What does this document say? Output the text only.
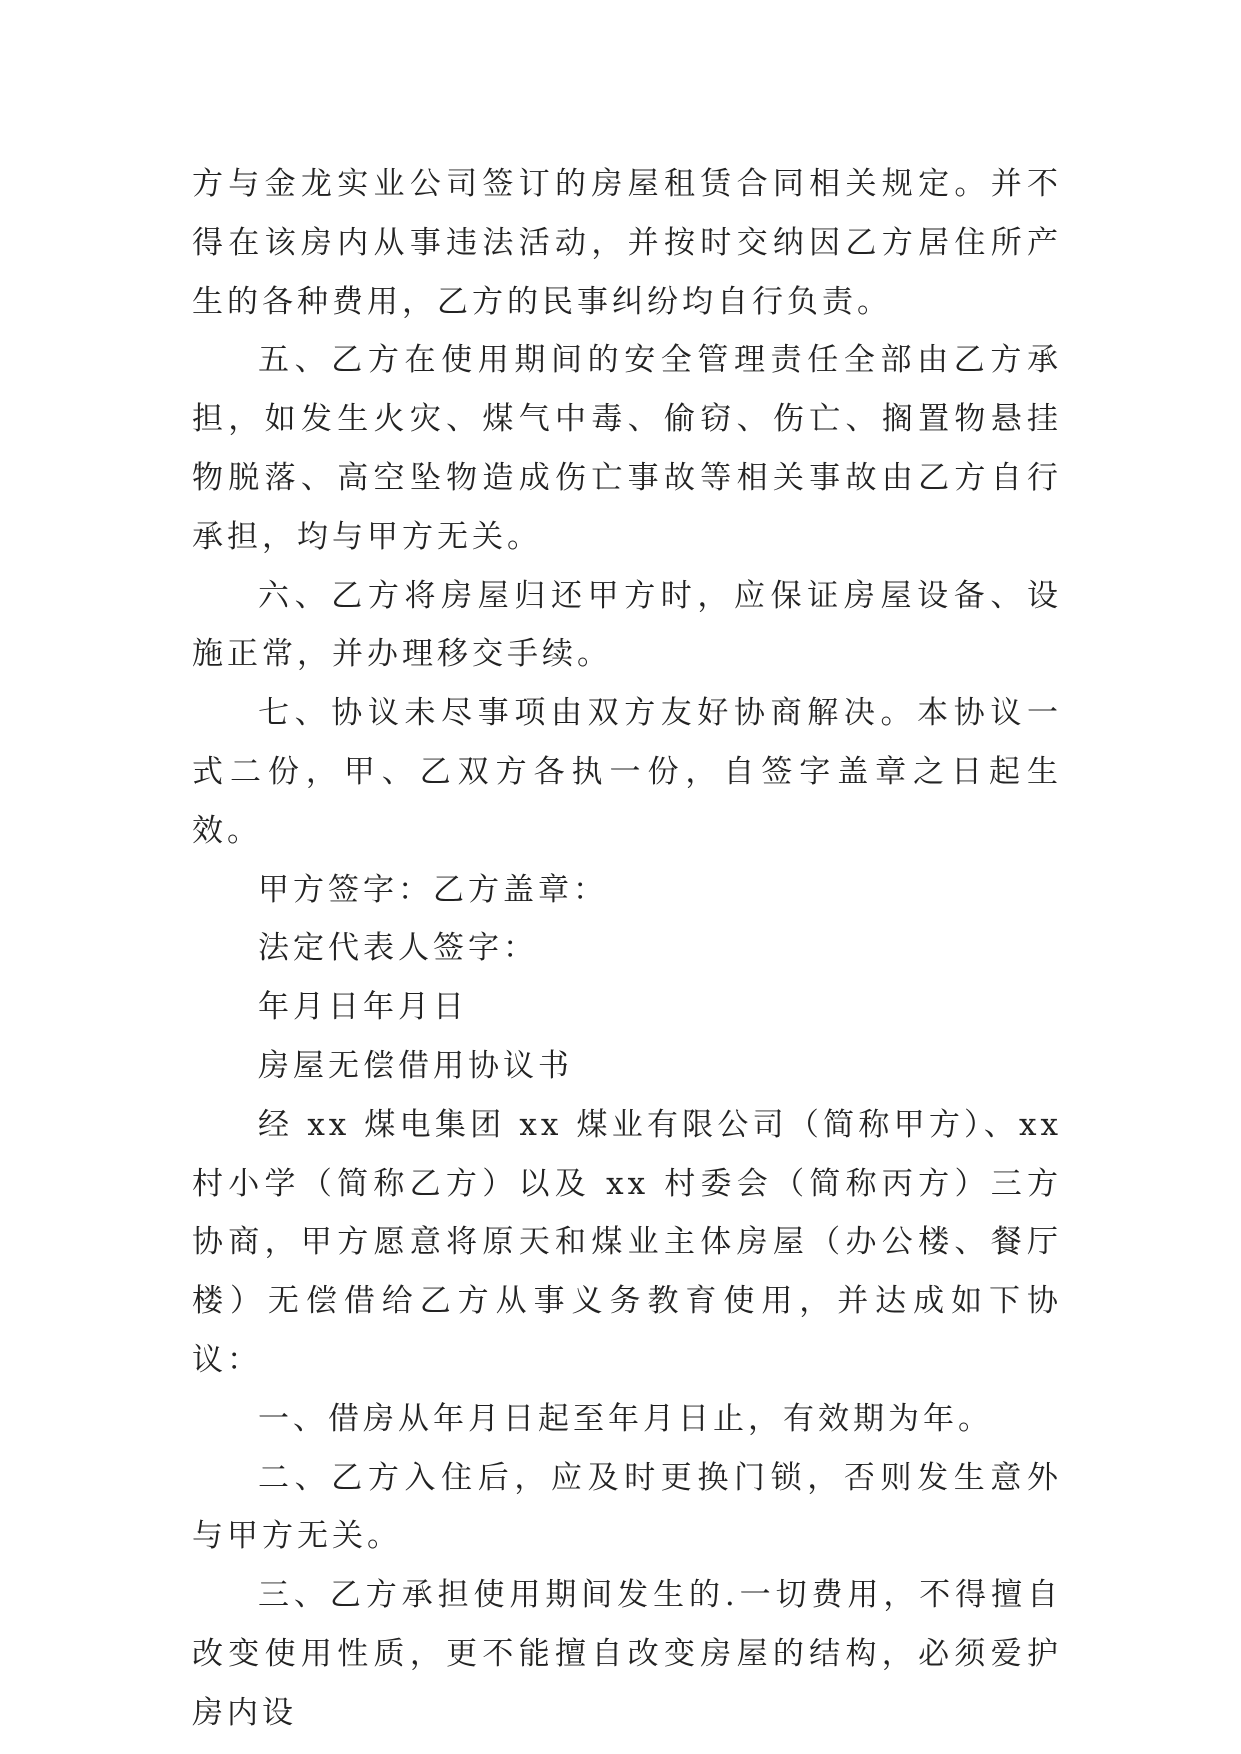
方与金龙实业公司签订的房屋租赁合同相关规定。并不得在该房内从事违法活动，并按时交纳因乙方居住所产生的各种费用，乙方的民事纠纷均自行负责。

五、乙方在使用期间的安全管理责任全部由乙方承担，如发生火灾、煤气中毒、偷窃、伤亡、搁置物悬挂物脱落、高空坠物造成伤亡事故等相关事故由乙方自行承担，均与甲方无关。

六、乙方将房屋归还甲方时，应保证房屋设备、设施正常，并办理移交手续。

七、协议未尽事项由双方友好协商解决。本协议一式二份，甲、乙双方各执一份，自签字盖章之日起生效。

甲方签字：乙方盖章：

法定代表人签字：

年月日年月日

房屋无偿借用协议书

经 xx 煤电集团 xx 煤业有限公司（简称甲方）、xx 村小学（简称乙方）以及 xx 村委会（简称丙方）三方协商，甲方愿意将原天和煤业主体房屋（办公楼、餐厅楼）无偿借给乙方从事义务教育使用，并达成如下协议：

一、借房从年月日起至年月日止，有效期为年。

二、乙方入住后，应及时更换门锁，否则发生意外与甲方无关。

三、乙方承担使用期间发生的.一切费用，不得擅自改变使用性质，更不能擅自改变房屋的结构，必须爱护房内设
